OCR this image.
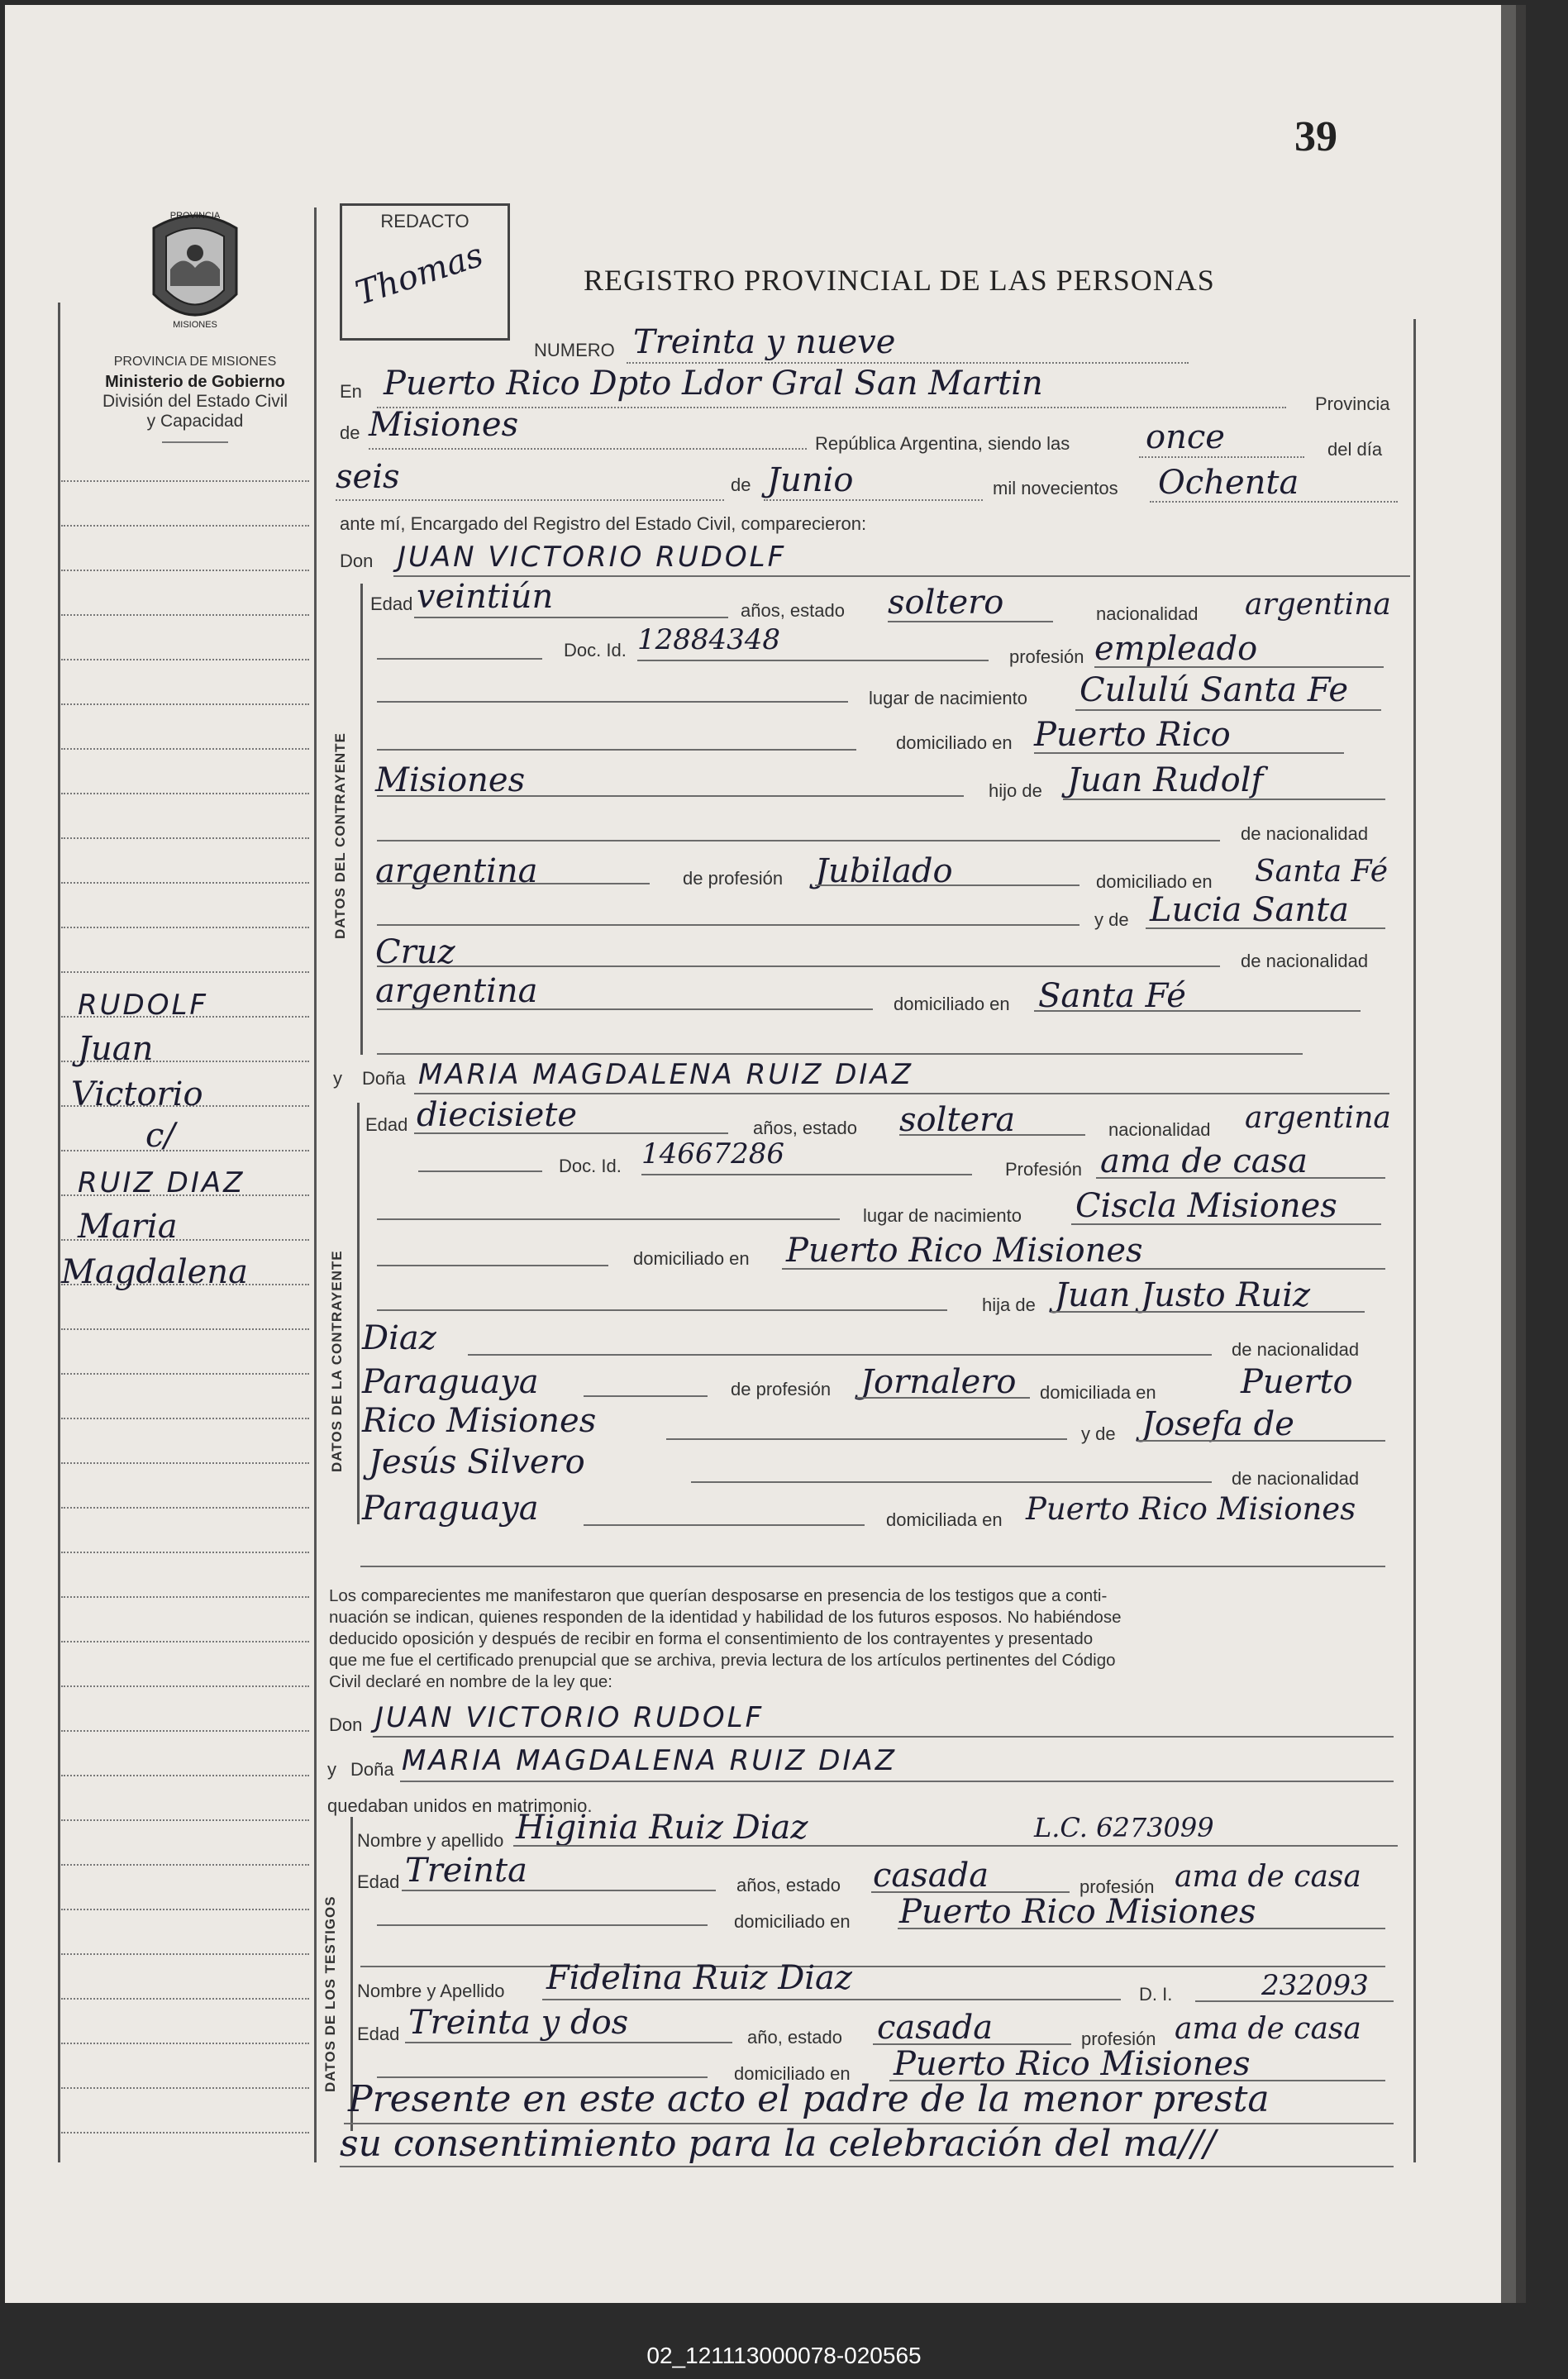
39
PROVINCIA
MISIONES
PROVINCIA DE MISIONES
Ministerio de Gobierno
División del Estado Civil
y Capacidad
RUDOLF
Juan
Victorio
c/
RUIZ DIAZ
Maria
Magdalena
REDACTO
Thomas	REGISTRO PROVINCIAL DE LAS PERSONAS
NUMERO Treinta y nueve
En Puerto Rico Dpto Ldor Gral San Martin
Provincia
de Misiones	República Argentina, siendo las once	del día
seis	de Junio	mil novecientos Ochenta
ante mí, Encargado del Registro del Estado Civil, comparecieron:
Don JUAN VICTORIO RUDOLF
DATOS DEL CONTRAYENTE
Edad veintiún	años, estado soltero	nacionalidad argentina
Doc. Id. 12884348
profesión empleado
lugar de nacimiento Cululú Santa Fe
domiciliado en Puerto Rico
Misiones	hijo de Juan Rudolf
de nacionalidad
argentina	de profesión Jubilado	domiciliado en Santa Fé
y de Lucia Santa
Cruz	de nacionalidad
argentina	domiciliado en Santa Fé
y Doña MARIA MAGDALENA RUIZ DIAZ
DATOS DE LA CONTRAYENTE
Edad diecisiete	años, estado soltera	nacionalidad argentina
Doc. Id. 14667286	Profesión ama de casa
lugar de nacimiento Ciscla Misiones
domiciliado en Puerto Rico Misiones
hija de Juan Justo Ruiz
Diaz	de nacionalidad
Paraguaya	de profesión Jornalero domiciliada en	Puerto
Rico Misiones	y de Josefa de
Jesús Silvero	de nacionalidad
Paraguaya	domiciliada en Puerto Rico Misiones
Los comparecientes me manifestaron que querían desposarse en presencia de los testigos que a conti-
nuación se indican, quienes responden de la identidad y habilidad de los futuros esposos. No habiéndose
deducido oposición y después de recibir en forma el consentimiento de los contrayentes y presentado
que me fue el certificado prenupcial que se archiva, previa lectura de los artículos pertinentes del Código
Civil declaré en nombre de la ley que:
Don JUAN VICTORIO RUDOLF
y Doña MARIA MAGDALENA RUIZ DIAZ
quedaban unidos en matrimonio.
DATOS DE LOS TESTIGOS
Nombre y apellido Higinia Ruiz Diaz	L.C. 6273099
Edad Treinta	años, estado casada	profesión ama de casa
domiciliado en Puerto Rico Misiones
Nombre y Apellido Fidelina Ruiz Diaz	D. I.	232093
Edad Treinta y dos	año, estado casada	profesión ama de casa
domiciliado en Puerto Rico Misiones
Presente en este acto el padre de la menor presta
su consentimiento para la celebración del ma///
02_121113000078-020565
